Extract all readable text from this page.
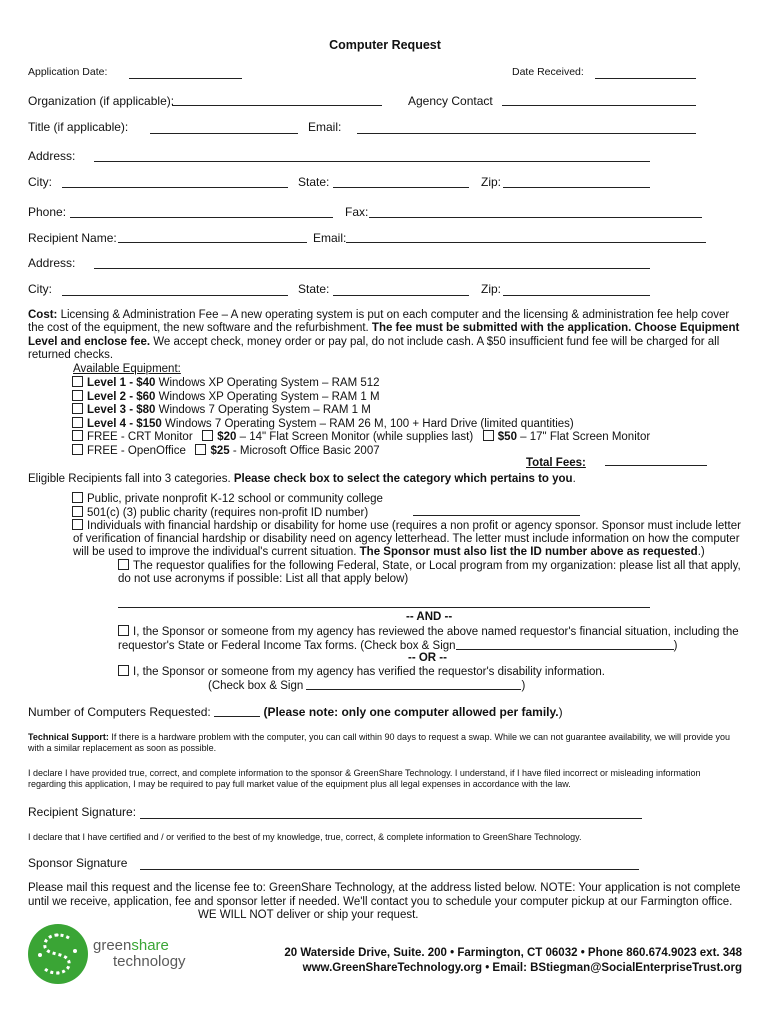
Computer Request
Application Date:	Date Received:
Organization (if applicable):	Agency Contact
Title (if applicable):	Email:
Address:
City:	State:	Zip:
Phone:	Fax:
Recipient Name:	Email:
Address:
City:	State:	Zip:
Cost: Licensing & Administration Fee – A new operating system is put on each computer and the licensing & administration fee help cover the cost of the equipment, the new software and the refurbishment. The fee must be submitted with the application. Choose Equipment Level and enclose fee. We accept check, money order or pay pal, do not include cash. A $50 insufficient fund fee will be charged for all returned checks.
Available Equipment:
Level 1 - $40 Windows XP Operating System – RAM 512
Level 2 - $60 Windows XP Operating System – RAM 1 M
Level 3 - $80 Windows 7 Operating System – RAM 1 M
Level 4 - $150 Windows 7 Operating System – RAM 26 M, 100 + Hard Drive (limited quantities)
FREE - CRT Monitor $20 – 14" Flat Screen Monitor (while supplies last) $50 – 17" Flat Screen Monitor
FREE - OpenOffice $25 - Microsoft Office Basic 2007
Total Fees:
Eligible Recipients fall into 3 categories. Please check box to select the category which pertains to you.
Public, private nonprofit K-12 school or community college
501(c) (3) public charity (requires non-profit ID number)
Individuals with financial hardship or disability for home use (requires a non profit or agency sponsor. Sponsor must include letter
of verification of financial hardship or disability need on agency letterhead. The letter must include information on how the computer
will be used to improve the individual's current situation. The Sponsor must also list the ID number above as requested.)
The requestor qualifies for the following Federal, State, or Local program from my organization: please list all that apply,
do not use acronyms if possible: List all that apply below)
-- AND --
I, the Sponsor or someone from my agency has reviewed the above named requestor's financial situation, including the
requestor's State or Federal Income Tax forms. (Check box & Sign	)
-- OR --
I, the Sponsor or someone from my agency has verified the requestor's disability information.
(Check box & Sign	)
Number of Computers Requested:	(Please note: only one computer allowed per family.)
Technical Support: If there is a hardware problem with the computer, you can call within 90 days to request a swap. While we can not guarantee availability, we will provide you with a similar replacement as soon as possible.
I declare I have provided true, correct, and complete information to the sponsor & GreenShare Technology. I understand, if I have filed incorrect or misleading information regarding this application, I may be required to pay full market value of the equipment plus all legal expenses in accordance with the law.
Recipient Signature:
I declare that I have certified and / or verified to the best of my knowledge, true, correct, & complete information to GreenShare Technology.
Sponsor Signature
Please mail this request and the license fee to: GreenShare Technology, at the address listed below. NOTE: Your application is not complete
until we receive, application, fee and sponsor letter if needed. We'll contact you to schedule your computer pickup at our Farmington office.
WE WILL NOT deliver or ship your request.
greenshare
technology	20 Waterside Drive, Suite. 200 • Farmington, CT 06032 • Phone 860.674.9023 ext. 348
www.GreenShareTechnology.org • Email: BStiegman@SocialEnterpriseTrust.org
